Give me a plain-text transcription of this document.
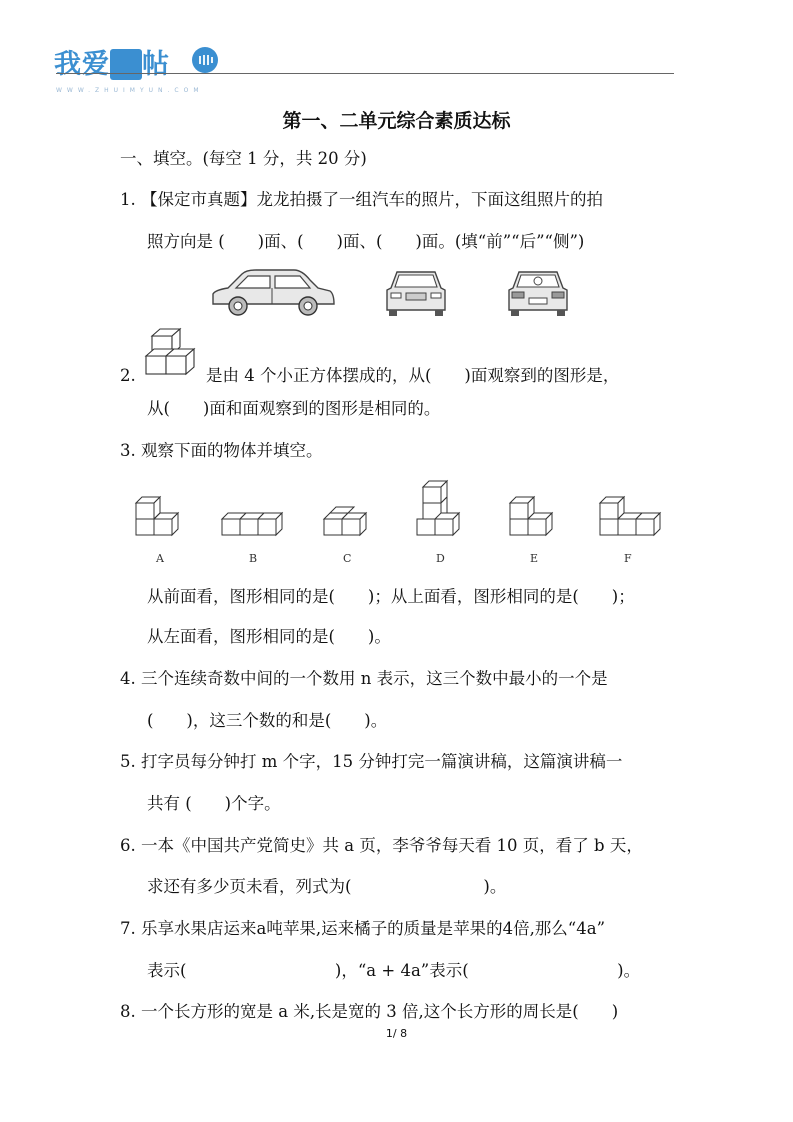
我爱  帖
WWW.ZHUIMYUN.COM
第一、二单元综合素质达标
一、填空。(每空 1 分，共 20 分)
1. 【保定市真题】龙龙拍摄了一组汽车的照片，下面这组照片的拍
照方向是 (　　)面、(　　)面、(　　)面。(填“前”“后”“侧”)
2.	是由 4 个小正方体摆成的，从(　　)面观察到的图形是，
从(　　)面和面观察到的图形是相同的。
3. 观察下面的物体并填空。
A	B	C	D	E	F
从前面看，图形相同的是(　　)；从上面看，图形相同的是(　　)；
从左面看，图形相同的是(　　)。
4. 三个连续奇数中间的一个数用 n 表示，这三个数中最小的一个是
(　　)，这三个数的和是(　　)。
5. 打字员每分钟打 m 个字，15 分钟打完一篇演讲稿，这篇演讲稿一
共有 (　　)个字。
6. 一本《中国共产党简史》共 a 页，李爷爷每天看 10 页，看了 b 天，
求还有多少页未看，列式为(　　　　　　　　)。
7. 乐享水果店运来a吨苹果,运来橘子的质量是苹果的4倍,那么“4a”
表示(　　　　　　　　　)，“a + 4a”表示(　　　　　　　　　)。
8. 一个长方形的宽是 a 米,长是宽的 3 倍,这个长方形的周长是(　　)
1/ 8
